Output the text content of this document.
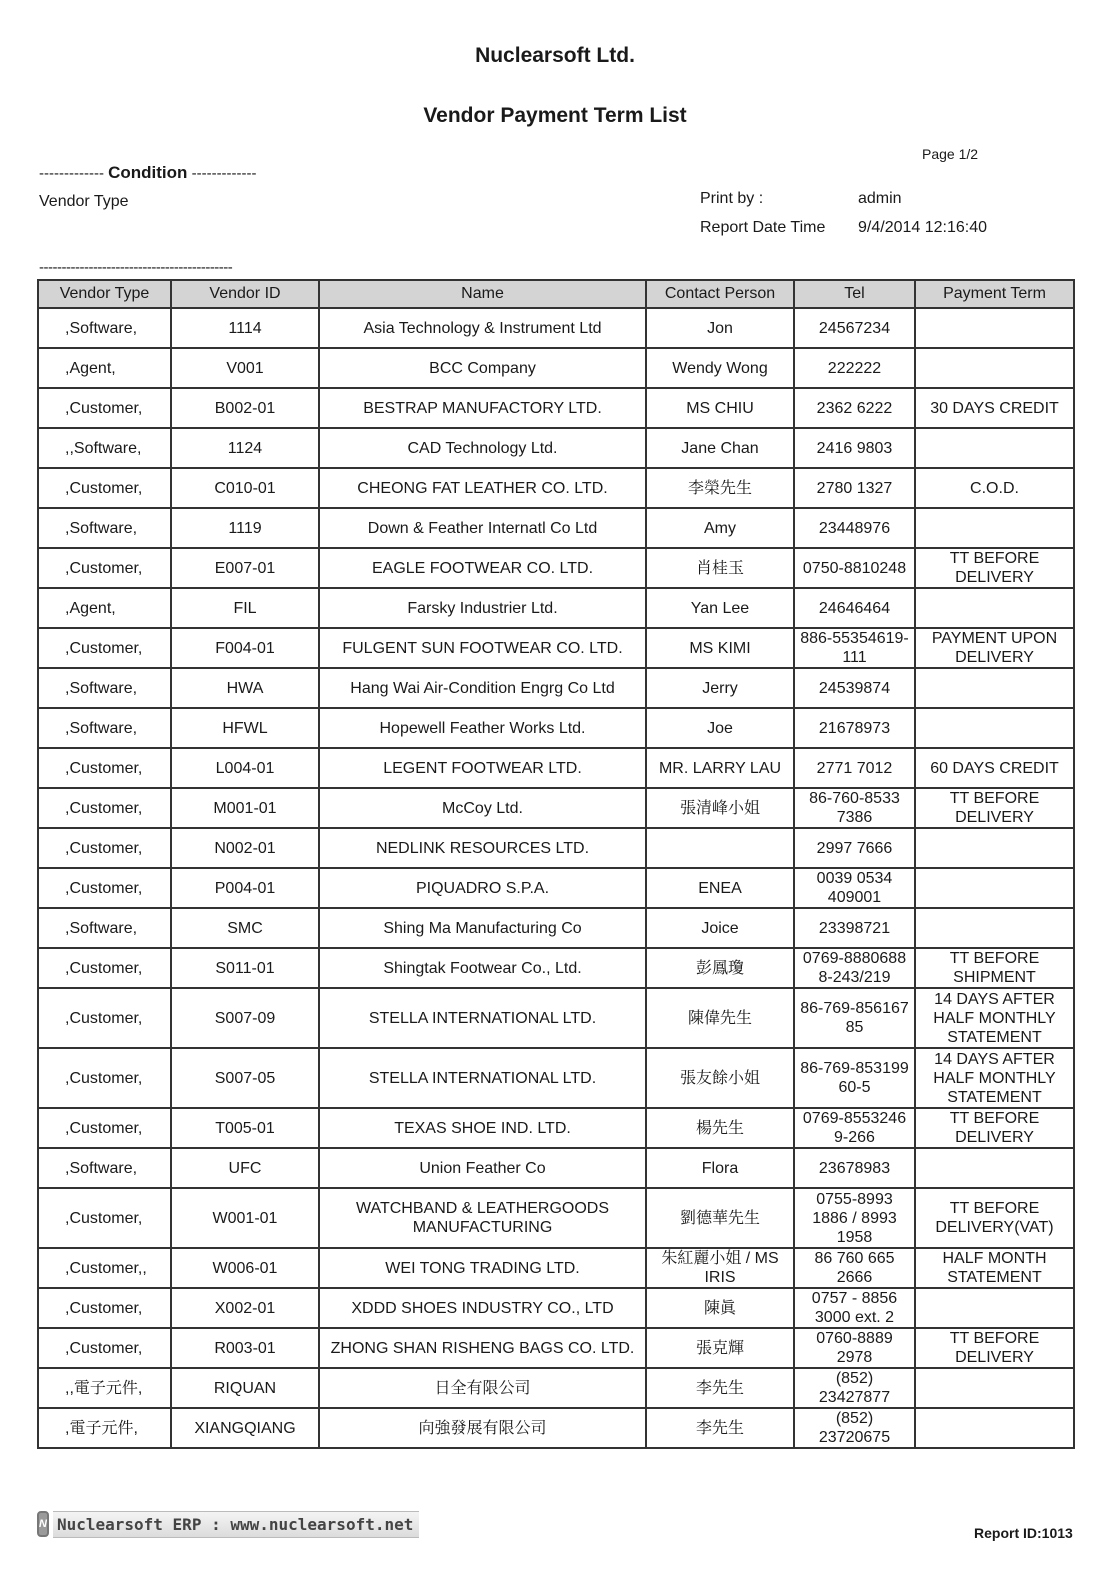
Nuclearsoft Ltd.
Vendor Payment Term List
Page 1/2
------------- Condition -------------
Vendor Type	Print by :	admin
Report Date Time 9/4/2014 12:16:40
-------------------------------------------
Vendor Type	Vendor ID	Name	Contact Person	Tel	Payment Term
,Software,	1114	Asia Technology & Instrument Ltd	Jon	24567234	
,Agent,	V001	BCC Company	Wendy Wong	222222	
,Customer,	B002-01	BESTRAP MANUFACTORY LTD.	MS CHIU	2362 6222	30 DAYS CREDIT
,,Software,	1124	CAD Technology Ltd.	Jane Chan	2416 9803	
,Customer,	C010-01	CHEONG FAT LEATHER CO. LTD.	李榮先生	2780 1327	C.O.D.
,Software,	1119	Down & Feather Internatl Co Ltd	Amy	23448976	
,Customer,	E007-01	EAGLE FOOTWEAR CO. LTD.	肖桂玉	0750-8810248	TT BEFORE
DELIVERY
,Agent,	FIL	Farsky Industrier Ltd.	Yan Lee	24646464	
,Customer,	F004-01	FULGENT SUN FOOTWEAR CO. LTD.	MS KIMI	886-55354619-
111	PAYMENT UPON
DELIVERY
,Software,	HWA	Hang Wai Air-Condition Engrg Co Ltd	Jerry	24539874	
,Software,	HFWL	Hopewell Feather Works Ltd.	Joe	21678973	
,Customer,	L004-01	LEGENT FOOTWEAR LTD.	MR. LARRY LAU	2771 7012	60 DAYS CREDIT
,Customer,	M001-01	McCoy Ltd.	張清峰小姐	86-760-8533
7386	TT BEFORE
DELIVERY
,Customer,	N002-01	NEDLINK RESOURCES LTD.		2997 7666	
,Customer,	P004-01	PIQUADRO S.P.A.	ENEA	0039 0534
409001	
,Software,	SMC	Shing Ma Manufacturing Co	Joice	23398721	
,Customer,	S011-01	Shingtak Footwear Co., Ltd.	彭鳳瓊	0769-8880688
8-243/219	TT BEFORE
SHIPMENT
,Customer,	S007-09	STELLA INTERNATIONAL LTD.	陳偉先生	86-769-856167
85	14 DAYS AFTER
HALF MONTHLY
STATEMENT
,Customer,	S007-05	STELLA INTERNATIONAL LTD.	張友餘小姐	86-769-853199
60-5	14 DAYS AFTER
HALF MONTHLY
STATEMENT
,Customer,	T005-01	TEXAS SHOE IND. LTD.	楊先生	0769-8553246
9-266	TT BEFORE
DELIVERY
,Software,	UFC	Union Feather Co	Flora	23678983	
,Customer,	W001-01	WATCHBAND & LEATHERGOODS
MANUFACTURING	劉德華先生	0755-8993
1886 / 8993
1958	TT BEFORE
DELIVERY(VAT)
,Customer,,	W006-01	WEI TONG TRADING LTD.	朱紅麗小姐 / MS
IRIS	86 760 665
2666	HALF MONTH
STATEMENT
,Customer,	X002-01	XDDD SHOES INDUSTRY CO., LTD	陳眞	0757 - 8856
3000 ext. 2	
,Customer,	R003-01	ZHONG SHAN RISHENG BAGS CO. LTD.	張克輝	0760-8889
2978	TT BEFORE
DELIVERY
,,電子元件,	RIQUAN	日全有限公司	李先生	(852)
23427877	
,電子元件,	XIANGQIANG	向強發展有限公司	李先生	(852)
23720675	
N Nuclearsoft ERP : www.nuclearsoft.net	Report ID:1013
